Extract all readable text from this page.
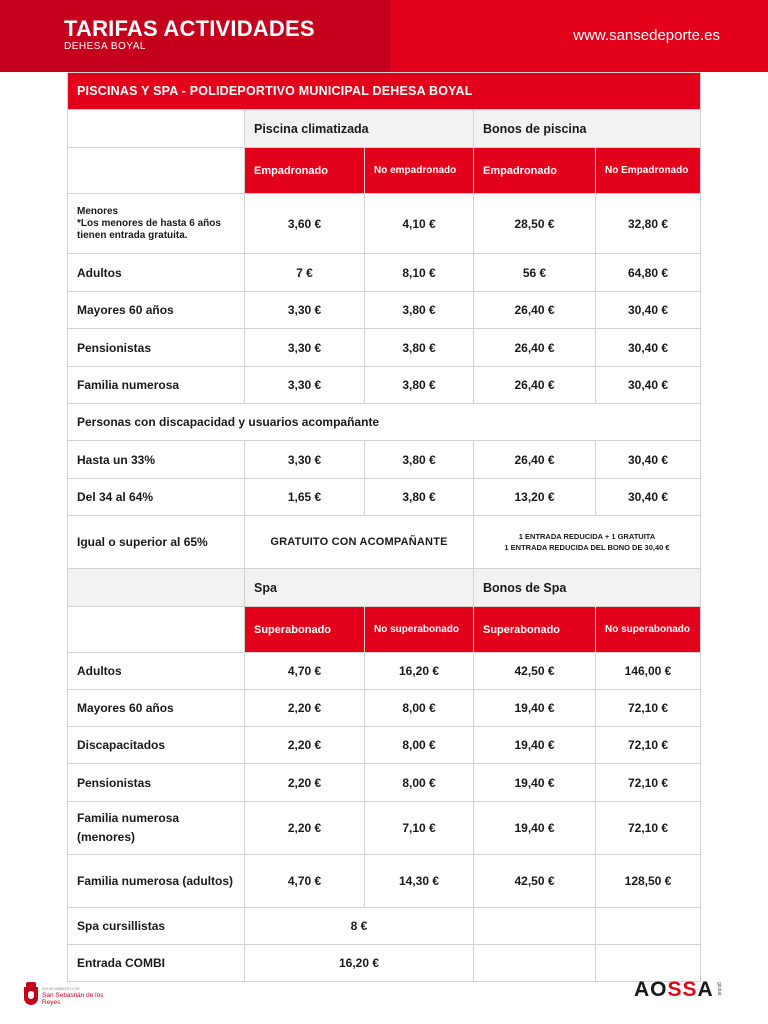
TARIFAS ACTIVIDADES
DEHESA BOYAL
www.sansedeporte.es
PISCINAS Y SPA - POLIDEPORTIVO MUNICIPAL DEHESA BOYAL				
	Piscina climatizada		Bonos de piscina	
	Empadronado	No empadronado	Empadronado	No Empadronado
Menores
*Los menores de hasta 6 años tienen entrada gratuita.	3,60 €	4,10 €	28,50 €	32,80 €
Adultos	7 €	8,10 €	56 €	64,80 €
Mayores 60 años	3,30 €	3,80 €	26,40 €	30,40 €
Pensionistas	3,30 €	3,80 €	26,40 €	30,40 €
Familia numerosa	3,30 €	3,80 €	26,40 €	30,40 €
Personas con discapacidad y usuarios acompañante				
Hasta un 33%	3,30 €	3,80 €	26,40 €	30,40 €
Del 34 al 64%	1,65 €	3,80 €	13,20 €	30,40 €
Igual o superior al 65%	GRATUITO CON ACOMPAÑANTE		1 ENTRADA REDUCIDA + 1 GRATUITA
1 ENTRADA REDUCIDA DEL BONO DE 30,40 €	

	Spa		Bonos de Spa	
	Superabonado	No superabonado	Superabonado	No superabonado
Adultos	4,70 €	16,20 €	42,50 €	146,00 €
Mayores 60 años	2,20 €	8,00 €	19,40 €	72,10 €
Discapacitados	2,20 €	8,00 €	19,40 €	72,10 €
Pensionistas	2,20 €	8,00 €	19,40 €	72,10 €
Familia numerosa (menores)	2,20 €	7,10 €	19,40 €	72,10 €
Familia numerosa (adultos)	4,70 €	14,30 €	42,50 €	128,50 €
Spa cursillistas	8 €			
Entrada COMBI	16,20 €			
AYUNTAMIENTO DE
San Sebastián de los Reyes
AOSSA global
